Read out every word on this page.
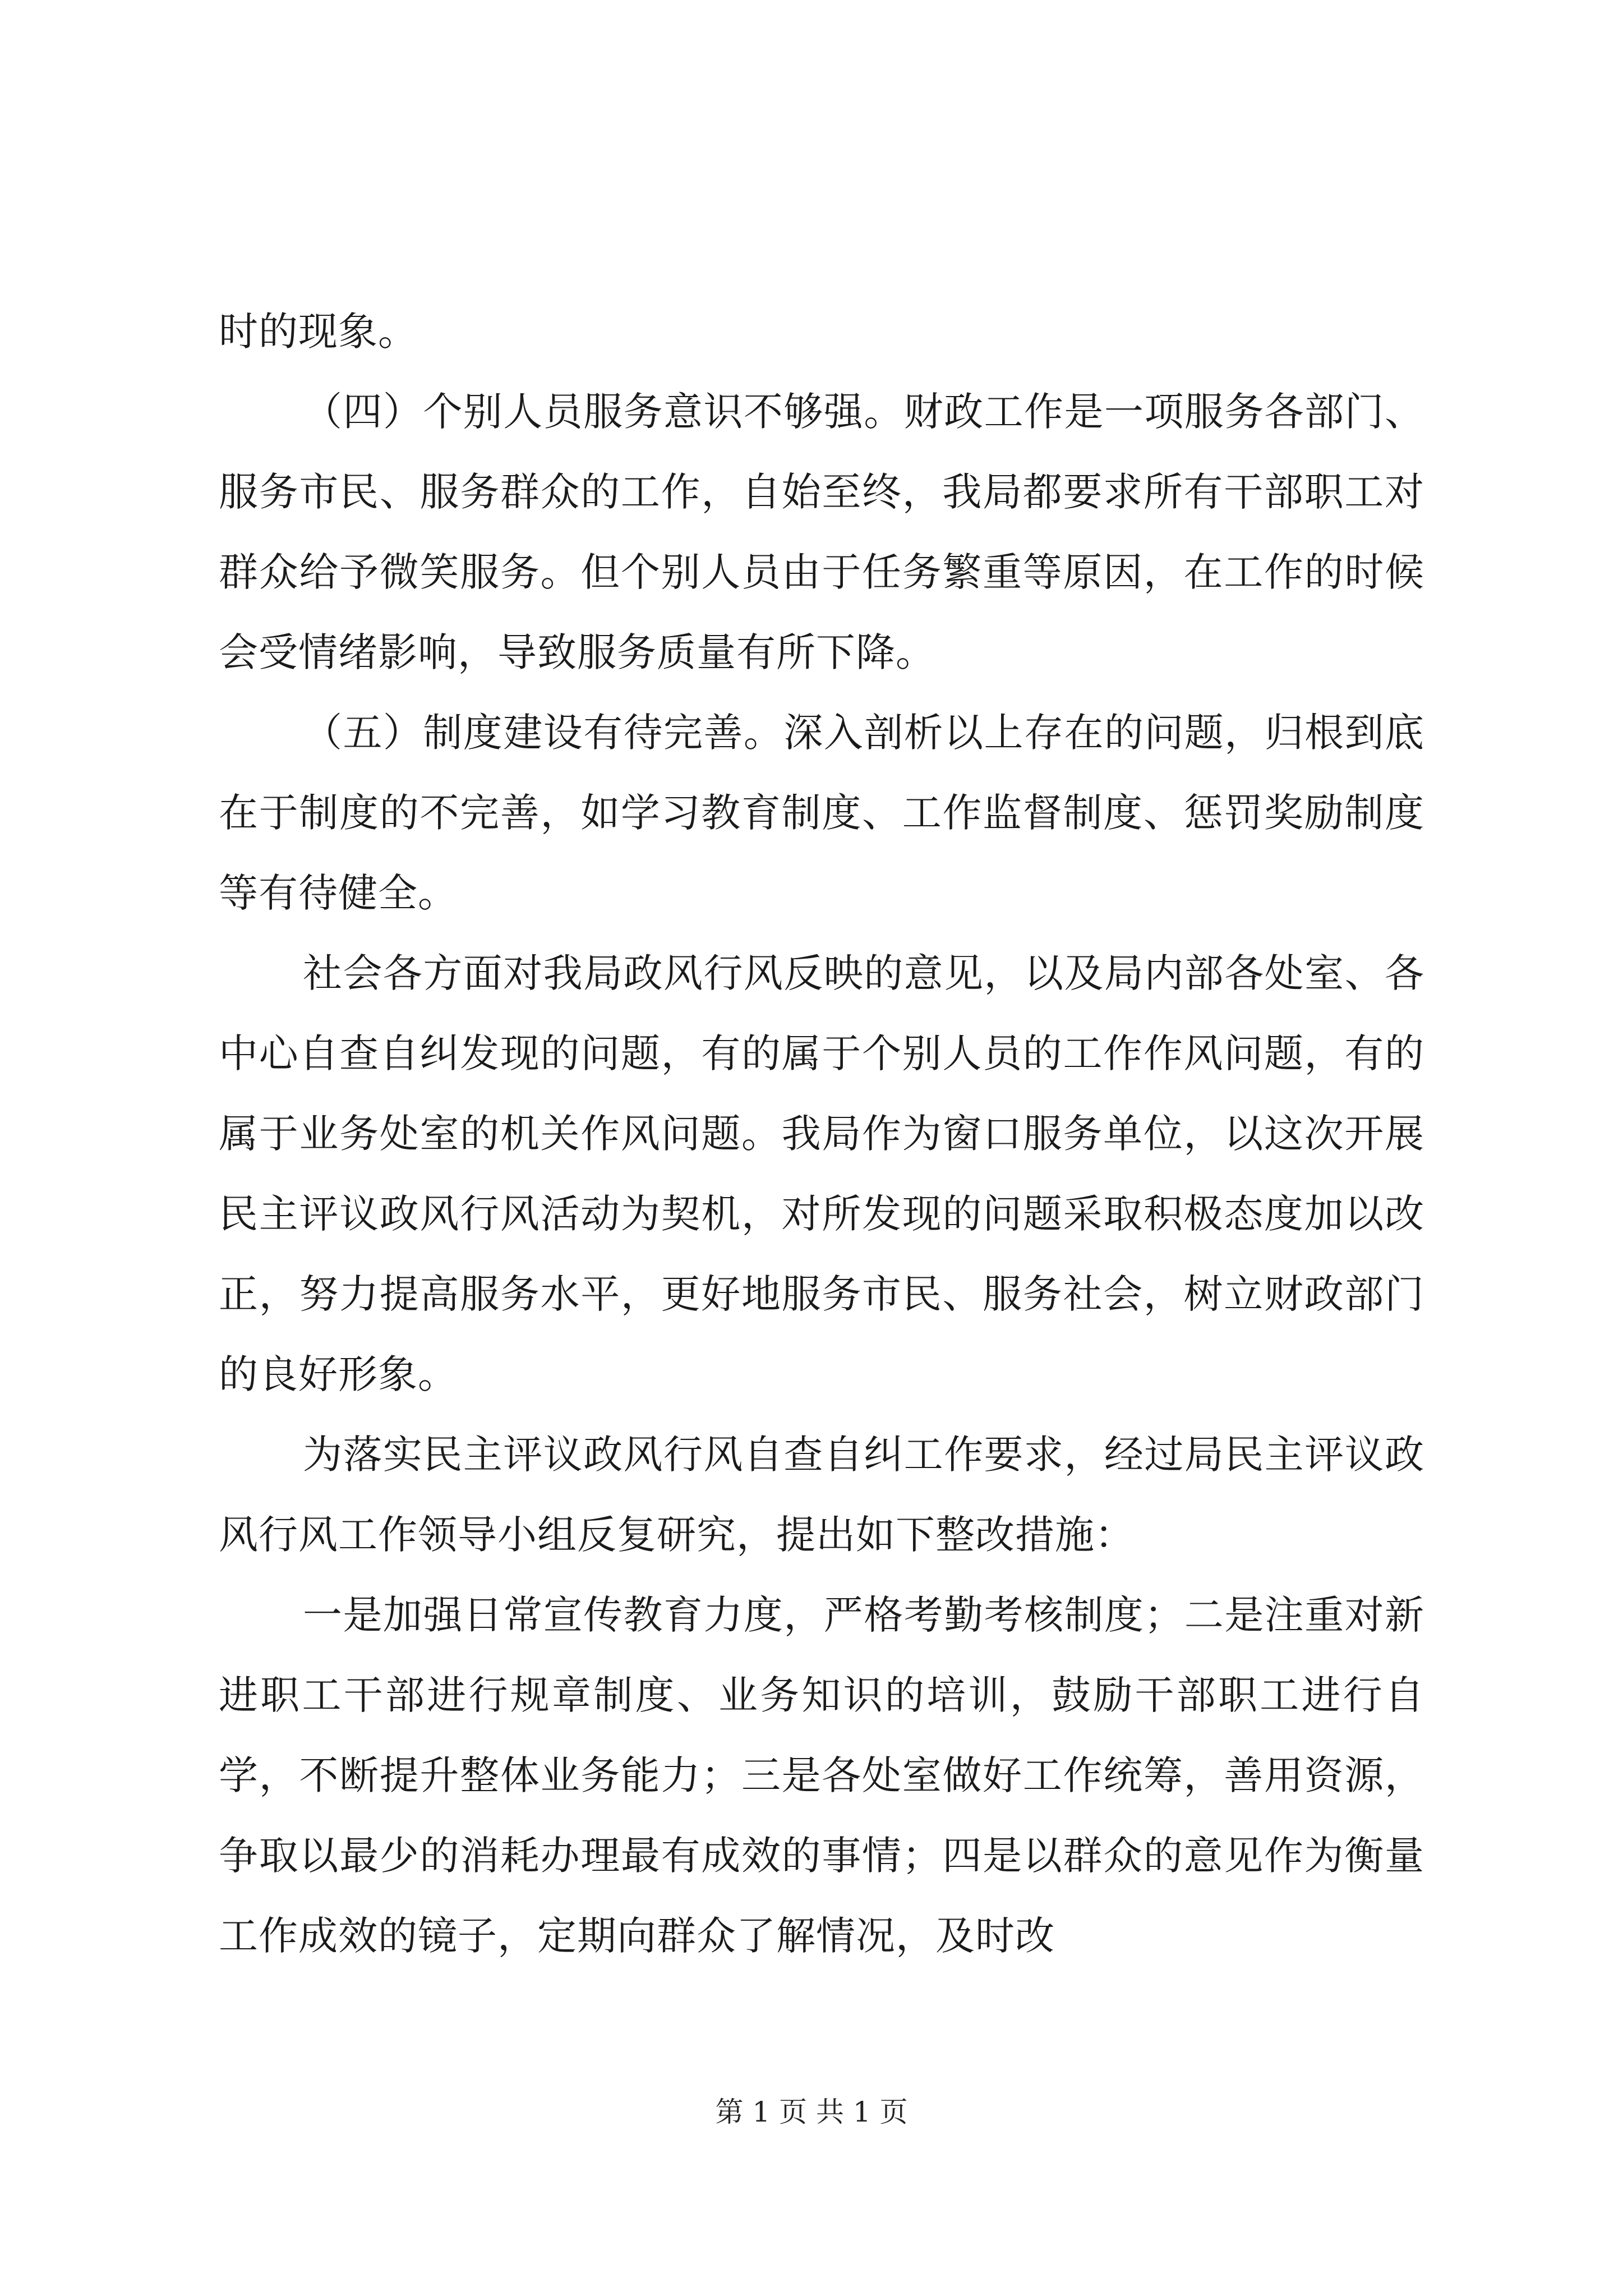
时的现象。

（四）个别人员服务意识不够强。财政工作是一项服务各部门、服务市民、服务群众的工作，自始至终，我局都要求所有干部职工对群众给予微笑服务。但个别人员由于任务繁重等原因，在工作的时候会受情绪影响，导致服务质量有所下降。

（五）制度建设有待完善。深入剖析以上存在的问题，归根到底在于制度的不完善，如学习教育制度、工作监督制度、惩罚奖励制度等有待健全。

社会各方面对我局政风行风反映的意见，以及局内部各处室、各中心自查自纠发现的问题，有的属于个别人员的工作作风问题，有的属于业务处室的机关作风问题。我局作为窗口服务单位，以这次开展民主评议政风行风活动为契机，对所发现的问题采取积极态度加以改正，努力提高服务水平，更好地服务市民、服务社会，树立财政部门的良好形象。

为落实民主评议政风行风自查自纠工作要求，经过局民主评议政风行风工作领导小组反复研究，提出如下整改措施：

一是加强日常宣传教育力度，严格考勤考核制度；二是注重对新进职工干部进行规章制度、业务知识的培训，鼓励干部职工进行自学，不断提升整体业务能力；三是各处室做好工作统筹，善用资源，争取以最少的消耗办理最有成效的事情；四是以群众的意见作为衡量工作成效的镜子，定期向群众了解情况，及时改

第 1 页 共 1 页
